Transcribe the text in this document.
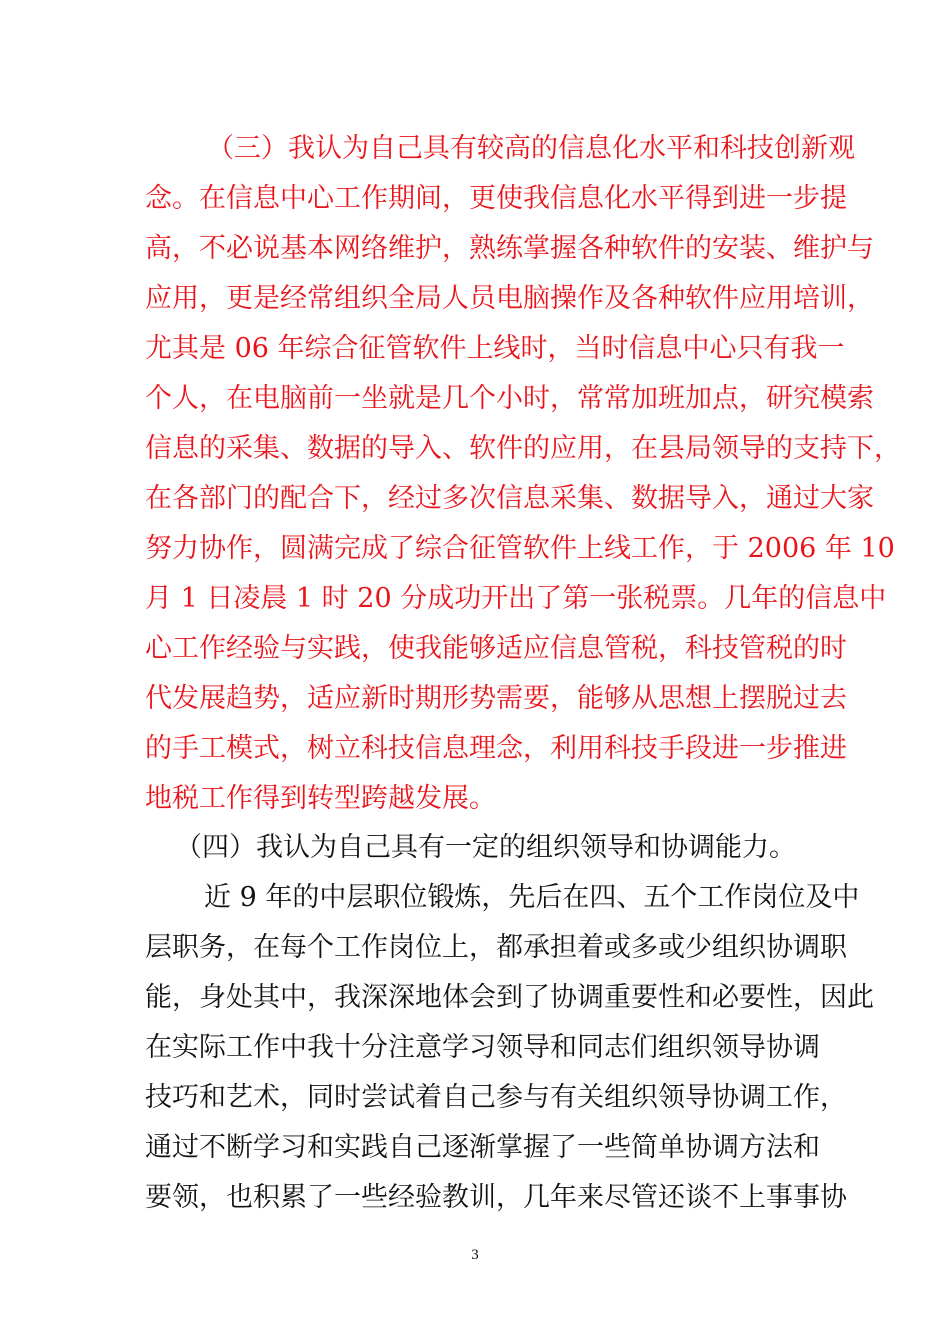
（三）我认为自己具有较高的信息化水平和科技创新观
念。在信息中心工作期间，更使我信息化水平得到进一步提
高，不必说基本网络维护，熟练掌握各种软件的安装、维护与
应用，更是经常组织全局人员电脑操作及各种软件应用培训，
尤其是 06 年综合征管软件上线时，当时信息中心只有我一
个人，在电脑前一坐就是几个小时，常常加班加点，研究模索
信息的采集、数据的导入、软件的应用，在县局领导的支持下，
在各部门的配合下，经过多次信息采集、数据导入，通过大家
努力协作，圆满完成了综合征管软件上线工作，于 2006 年 10
月 1 日凌晨 1 时 20 分成功开出了第一张税票。几年的信息中
心工作经验与实践，使我能够适应信息管税，科技管税的时
代发展趋势，适应新时期形势需要，能够从思想上摆脱过去
的手工模式，树立科技信息理念，利用科技手段进一步推进
地税工作得到转型跨越发展。
（四）我认为自己具有一定的组织领导和协调能力。
近 9 年的中层职位锻炼，先后在四、五个工作岗位及中
层职务，在每个工作岗位上，都承担着或多或少组织协调职
能，身处其中，我深深地体会到了协调重要性和必要性，因此
在实际工作中我十分注意学习领导和同志们组织领导协调
技巧和艺术，同时尝试着自己参与有关组织领导协调工作，
通过不断学习和实践自己逐渐掌握了一些简单协调方法和
要领，也积累了一些经验教训，几年来尽管还谈不上事事协
3
